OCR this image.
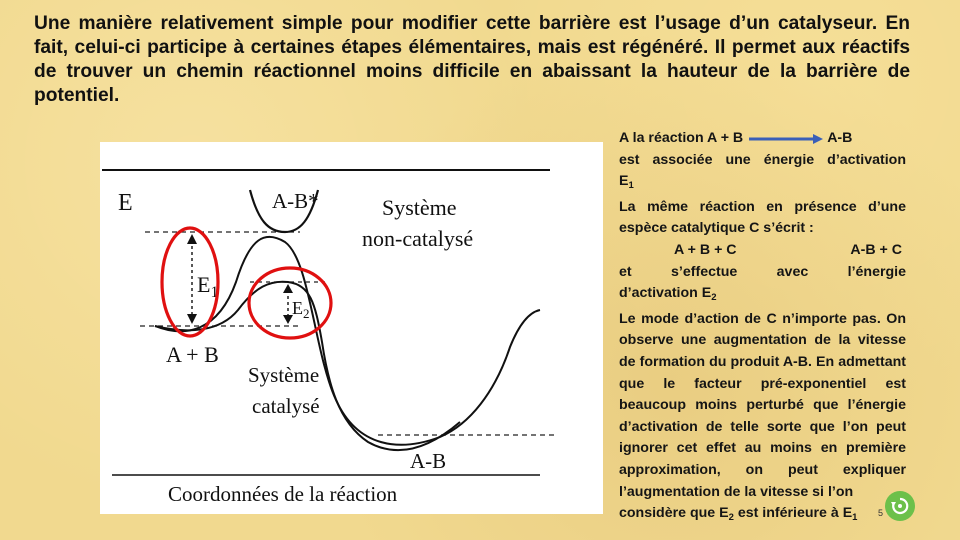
Une manière relativement simple pour modifier cette barrière est l’usage d’un catalyseur. En fait, celui-ci participe à certaines étapes élémentaires, mais est régénéré. Il permet aux réactifs de trouver un chemin réactionnel moins difficile en abaissant la hauteur de la barrière de potentiel.
E	A-B*	Système
non-catalysé
$E_1$
$E_2$
A + B
Système
catalysé
A-B
Coordonnées de la réaction
A la réaction A + B	A-B

est associée une énergie d’activation

$E_1$

La même réaction en présence d’une espèce catalytique C s’écrit :

A + B + C	A-B + C
et	s’effectue	avec	l’énergie

d’activation $E_2$

Le mode d’action de C n’importe pas. On observe une augmentation de la vitesse de formation du produit A-B. En admettant que le facteur pré-exponentiel est beaucoup moins perturbé que l’énergie d’activation de telle sorte que l’on peut ignorer cet effet au moins en première approximation, on peut expliquer l’augmentation de la vitesse si l’on

considère que $E_2$ est inférieure à $E_1$	5
